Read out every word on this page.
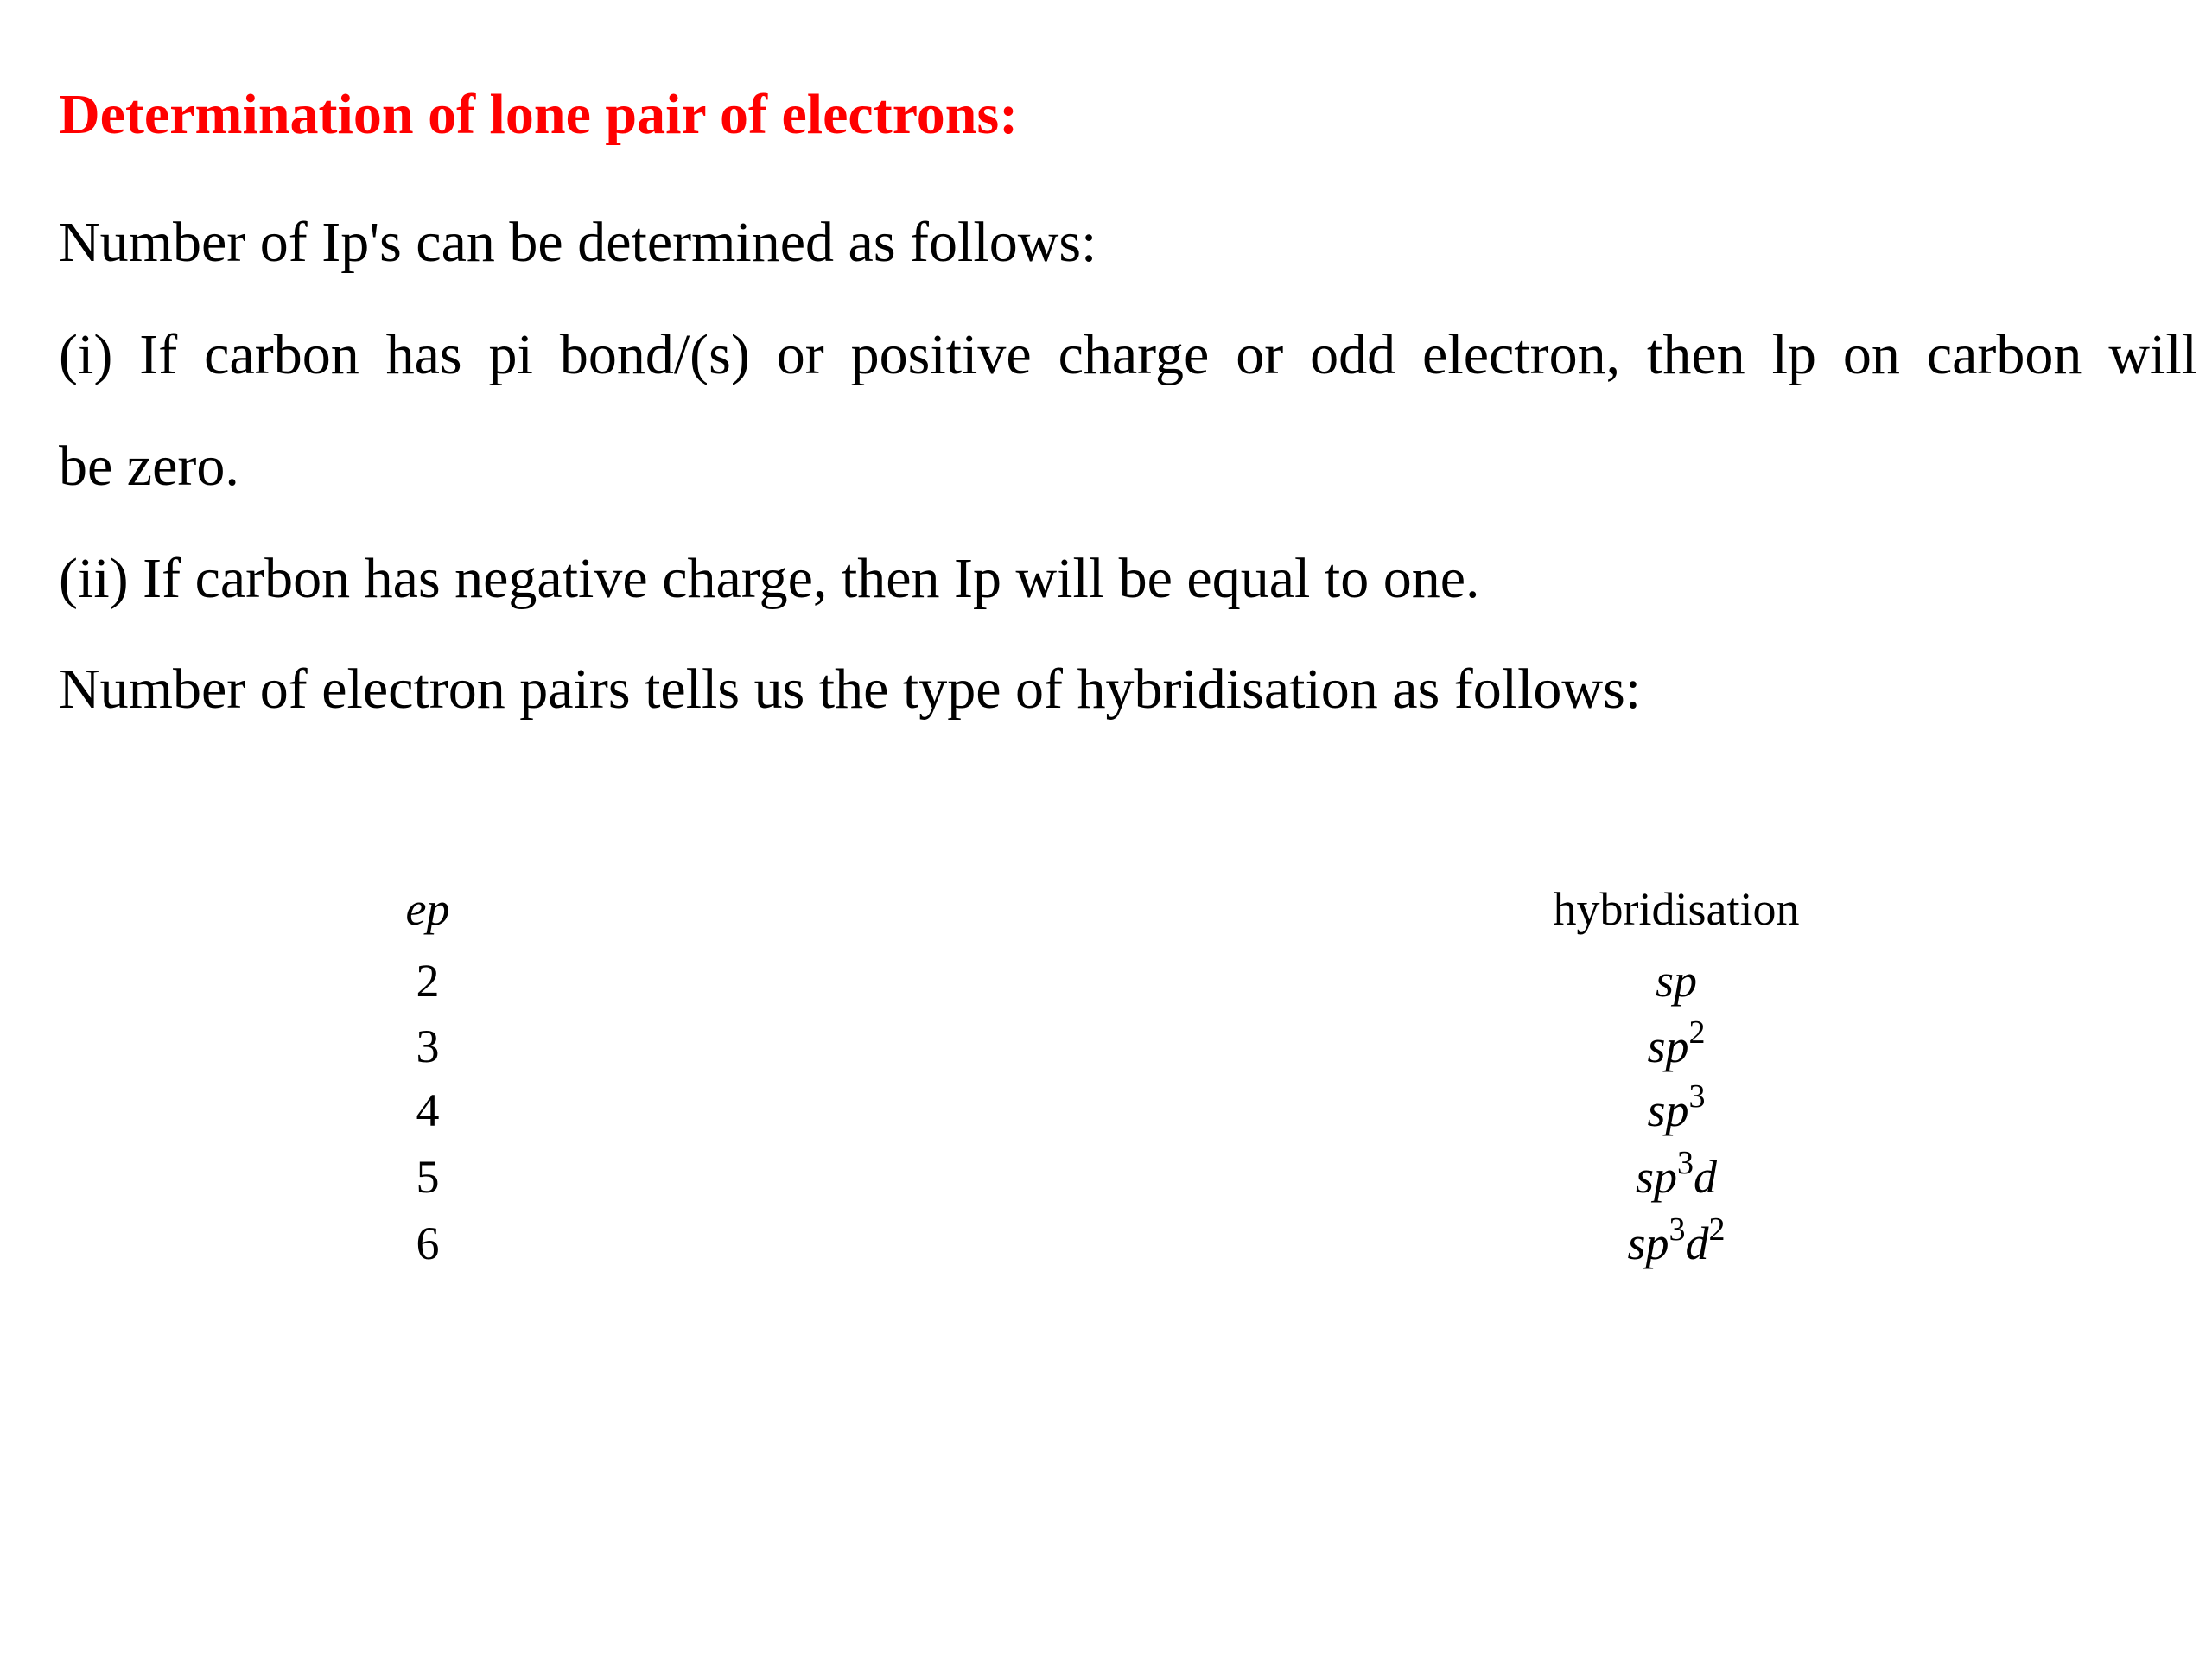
Determination of lone pair of electrons:
Number of Ip's can be determined as follows:
(i) If carbon has pi bond/(s) or positive charge or odd electron, then lp on carbon will
be zero.
(ii) If carbon has negative charge, then Ip will be equal to one.
Number of electron pairs tells us the type of hybridisation as follows:
ep	hybridisation
2	sp
3	$sp^2$
4	$sp^3$
5	$sp^3d$
6	$sp^3d^2$
